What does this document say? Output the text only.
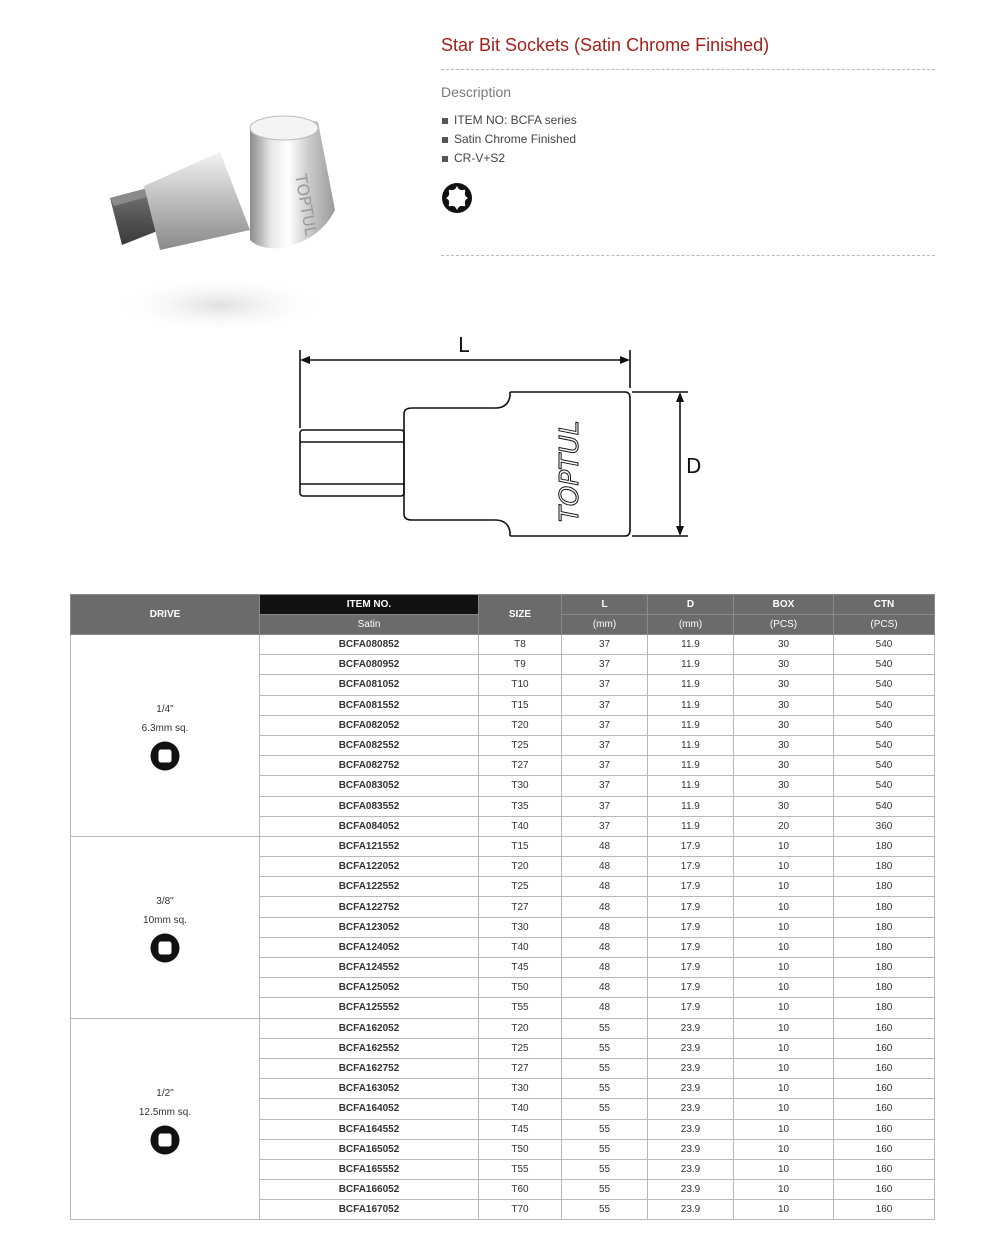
TOPTUL
Star Bit Sockets (Satin Chrome Finished)
Description
ITEM NO: BCFA series
Satin Chrome Finished
CR-V+S2
L
D
TOPTUL
DRIVE	ITEM NO.	SIZE	L	D	BOX	CTN
	Satin		(mm)	(mm)	(PCS)	(PCS)

1/4"
6.3mm sq.	BCFA080852	T8	37	11.9	30	540
	BCFA080952	T9	37	11.9	30	540
	BCFA081052	T10	37	11.9	30	540
	BCFA081552	T15	37	11.9	30	540
	BCFA082052	T20	37	11.9	30	540
	BCFA082552	T25	37	11.9	30	540
	BCFA082752	T27	37	11.9	30	540
	BCFA083052	T30	37	11.9	30	540
	BCFA083552	T35	37	11.9	30	540
	BCFA084052	T40	37	11.9	20	360

3/8"
10mm sq.	BCFA121552	T15	48	17.9	10	180
	BCFA122052	T20	48	17.9	10	180
	BCFA122552	T25	48	17.9	10	180
	BCFA122752	T27	48	17.9	10	180
	BCFA123052	T30	48	17.9	10	180
	BCFA124052	T40	48	17.9	10	180
	BCFA124552	T45	48	17.9	10	180
	BCFA125052	T50	48	17.9	10	180
	BCFA125552	T55	48	17.9	10	180

1/2"
12.5mm sq.	BCFA162052	T20	55	23.9	10	160
	BCFA162552	T25	55	23.9	10	160
	BCFA162752	T27	55	23.9	10	160
	BCFA163052	T30	55	23.9	10	160
	BCFA164052	T40	55	23.9	10	160
	BCFA164552	T45	55	23.9	10	160
	BCFA165052	T50	55	23.9	10	160
	BCFA165552	T55	55	23.9	10	160
	BCFA166052	T60	55	23.9	10	160
	BCFA167052	T70	55	23.9	10	160
